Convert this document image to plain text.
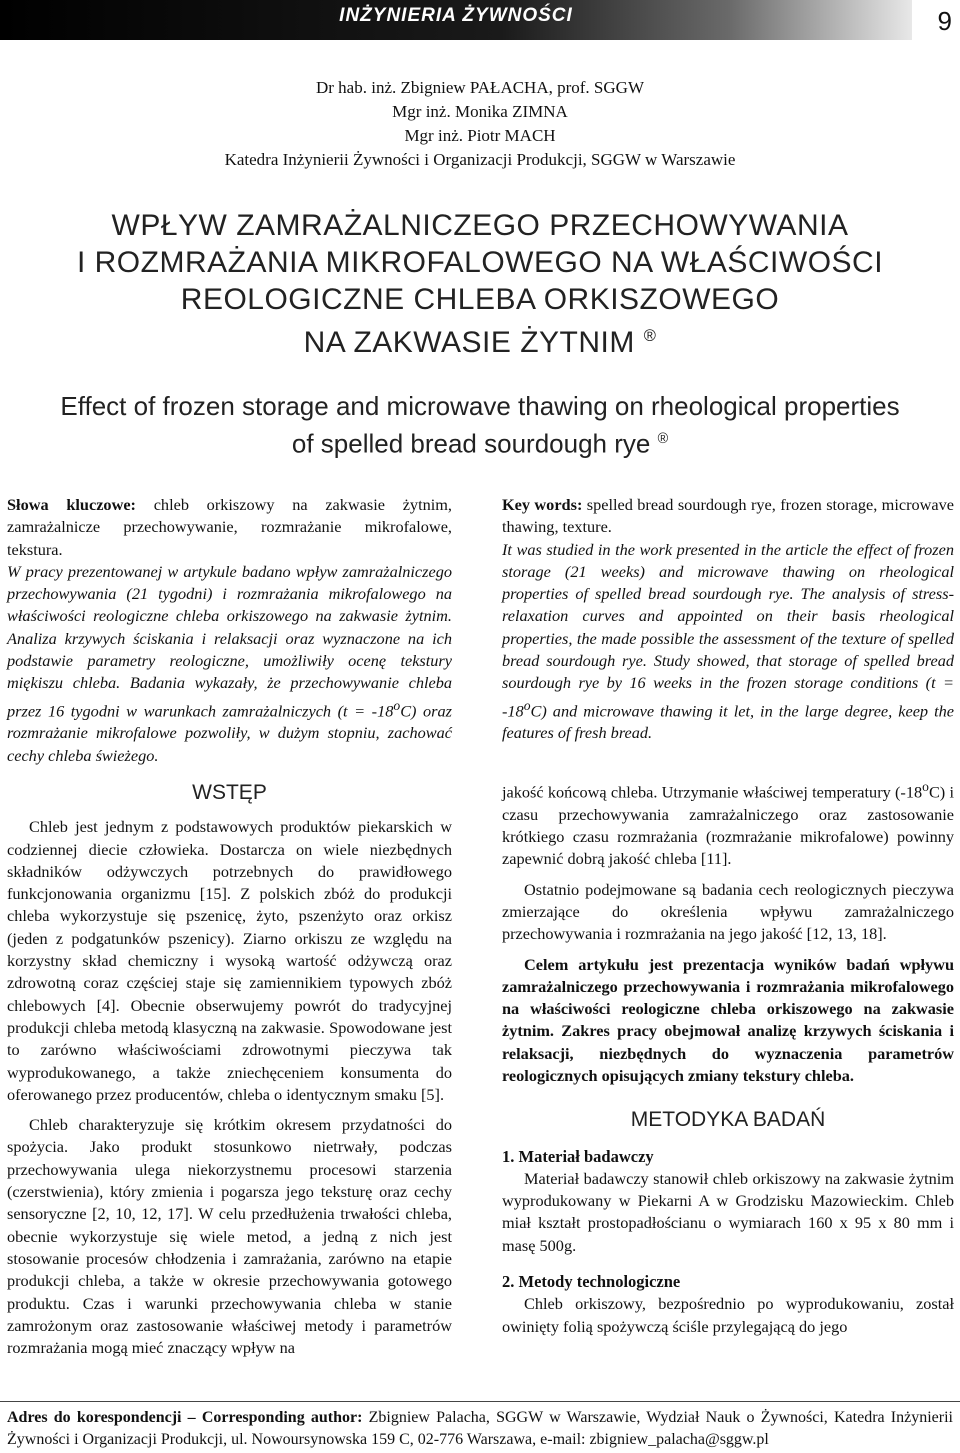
INŻYNIERIA ŻYWNOŚCI	9
Dr hab. inż. Zbigniew PAŁACHA, prof. SGGW
Mgr inż. Monika ZIMNA
Mgr inż. Piotr MACH
Katedra Inżynierii Żywności i Organizacji Produkcji, SGGW w Warszawie
WPŁYW ZAMRAŻALNICZEGO PRZECHOWYWANIA
I ROZMRAŻANIA MIKROFALOWEGO NA WŁAŚCIWOŚCI
REOLOGICZNE CHLEBA ORKISZOWEGO
NA ZAKWASIE ŻYTNIM ®
Effect of frozen storage and microwave thawing on rheological properties
of spelled bread sourdough rye ®

Słowa kluczowe: chleb orkiszowy na zakwasie żytnim, zamrażalnicze przechowywanie, rozmrażanie mikrofalowe, tekstura.

W pracy prezentowanej w artykule badano wpływ zamrażalniczego przechowywania (21 tygodni) i rozmrażania mikrofalowego na właściwości reologiczne chleba orkiszowego na zakwasie żytnim. Analiza krzywych ściskania i relaksacji oraz wyznaczone na ich podstawie parametry reologiczne, umożliwiły ocenę tekstury miękiszu chleba. Badania wykazały, że przechowywanie chleba przez 16 tygodni w warunkach zamrażalniczych $(t = -18^oC)$ oraz rozmrażanie mikrofalowe pozwoliły, w dużym stopniu, zachować cechy chleba świeżego.

Key words: spelled bread sourdough rye, frozen storage, microwave thawing, texture.

It was studied in the work presented in the article the effect of frozen storage (21 weeks) and microwave thawing on rheological properties of spelled bread sourdough rye. The analysis of stress-relaxation curves and appointed on their basis rheological properties, the made possible the assessment of the texture of spelled bread sourdough rye. Study showed, that storage of spelled bread sourdough rye by 16 weeks in the frozen storage conditions $(t = -18^oC)$ and microwave thawing it let, in the large degree, keep the features of fresh bread.

WSTĘP

Chleb jest jednym z podstawowych produktów piekarskich w codziennej diecie człowieka. Dostarcza on wiele niezbędnych składników odżywczych potrzebnych do prawidłowego funkcjonowania organizmu [15]. Z polskich zbóż do produkcji chleba wykorzystuje się pszenicę, żyto, pszenżyto oraz orkisz (jeden z podgatunków pszenicy). Ziarno orkiszu ze względu na korzystny skład chemiczny i wysoką wartość odżywczą oraz zdrowotną coraz częściej staje się zamiennikiem typowych zbóż chlebowych [4]. Obecnie obserwujemy powrót do tradycyjnej produkcji chleba metodą klasyczną na zakwasie. Spowodowane jest to zarówno właściwościami zdrowotnymi pieczywa tak wyprodukowanego, a także zniechęceniem konsumenta do oferowanego przez producentów, chleba o identycznym smaku [5].

Chleb charakteryzuje się krótkim okresem przydatności do spożycia. Jako produkt stosunkowo nietrwały, podczas przechowywania ulega niekorzystnemu procesowi starzenia (czerstwienia), który zmienia i pogarsza jego teksturę oraz cechy sensoryczne [2, 10, 12, 17]. W celu przedłużenia trwałości chleba, obecnie wykorzystuje się wiele metod, a jedną z nich jest stosowanie procesów chłodzenia i zamrażania, zarówno na etapie produkcji chleba, a także w okresie przechowywania gotowego produktu. Czas i warunki przechowywania chleba w stanie zamrożonym oraz zastosowanie właściwej metody i parametrów rozmrażania mogą mieć znaczący wpływ na

jakość końcową chleba. Utrzymanie właściwej temperatury (-18$^o$C) i czasu przechowywania zamrażalniczego oraz zastosowanie krótkiego czasu rozmrażania (rozmrażanie mikrofalowe) powinny zapewnić dobrą jakość chleba [11].

Ostatnio podejmowane są badania cech reologicznych pieczywa zmierzające do określenia wpływu zamrażalniczego przechowywania i rozmrażania na jego jakość [12, 13, 18].

Celem artykułu jest prezentacja wyników badań wpływu zamrażalniczego przechowywania i rozmrażania mikrofalowego na właściwości reologiczne chleba orkiszowego na zakwasie żytnim. Zakres pracy obejmował analizę krzywych ściskania i relaksacji, niezbędnych do wyznaczenia parametrów reologicznych opisujących zmiany tekstury chleba.

METODYKA BADAŃ

1. Materiał badawczy

Materiał badawczy stanowił chleb orkiszowy na zakwasie żytnim wyprodukowany w Piekarni A w Grodzisku Mazowieckim. Chleb miał kształt prostopadłościanu o wymiarach 160 x 95 x 80 mm i masę 500g.

2. Metody technologiczne

Chleb orkiszowy, bezpośrednio po wyprodukowaniu, został owinięty folią spożywczą ściśle przylegającą do jego

Adres do korespondencji – Corresponding author: Zbigniew Palacha, SGGW w Warszawie, Wydział Nauk o Żywności, Katedra Inżynierii Żywności i Organizacji Produkcji, ul. Nowoursynowska 159 C, 02-776 Warszawa, e-mail: zbigniew_palacha@sggw.pl
